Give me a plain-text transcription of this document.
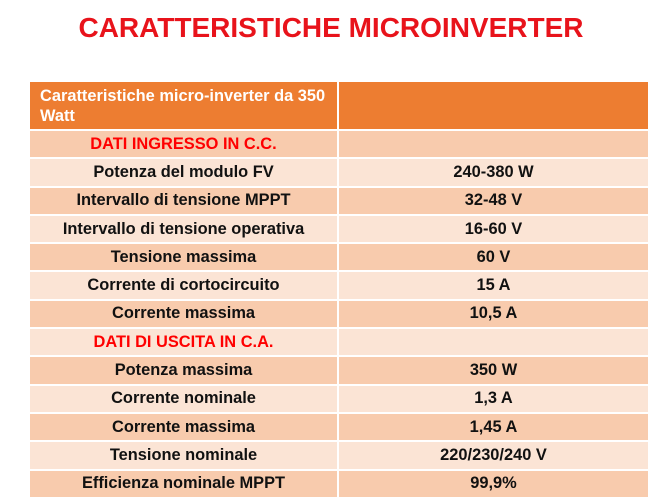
CARATTERISTICHE MICROINVERTER
Caratteristiche micro-inverter da 350 Watt
DATI INGRESSO IN C.C.
Potenza del modulo FV	240-380 W
Intervallo di tensione MPPT	32-48 V
Intervallo di tensione operativa	16-60 V
Tensione massima	60 V
Corrente di cortocircuito	15 A
Corrente massima	10,5 A
DATI DI USCITA IN C.A.
Potenza massima	350 W
Corrente nominale	1,3 A
Corrente massima	1,45 A
Tensione nominale	220/230/240 V
Efficienza nominale MPPT	99,9%
